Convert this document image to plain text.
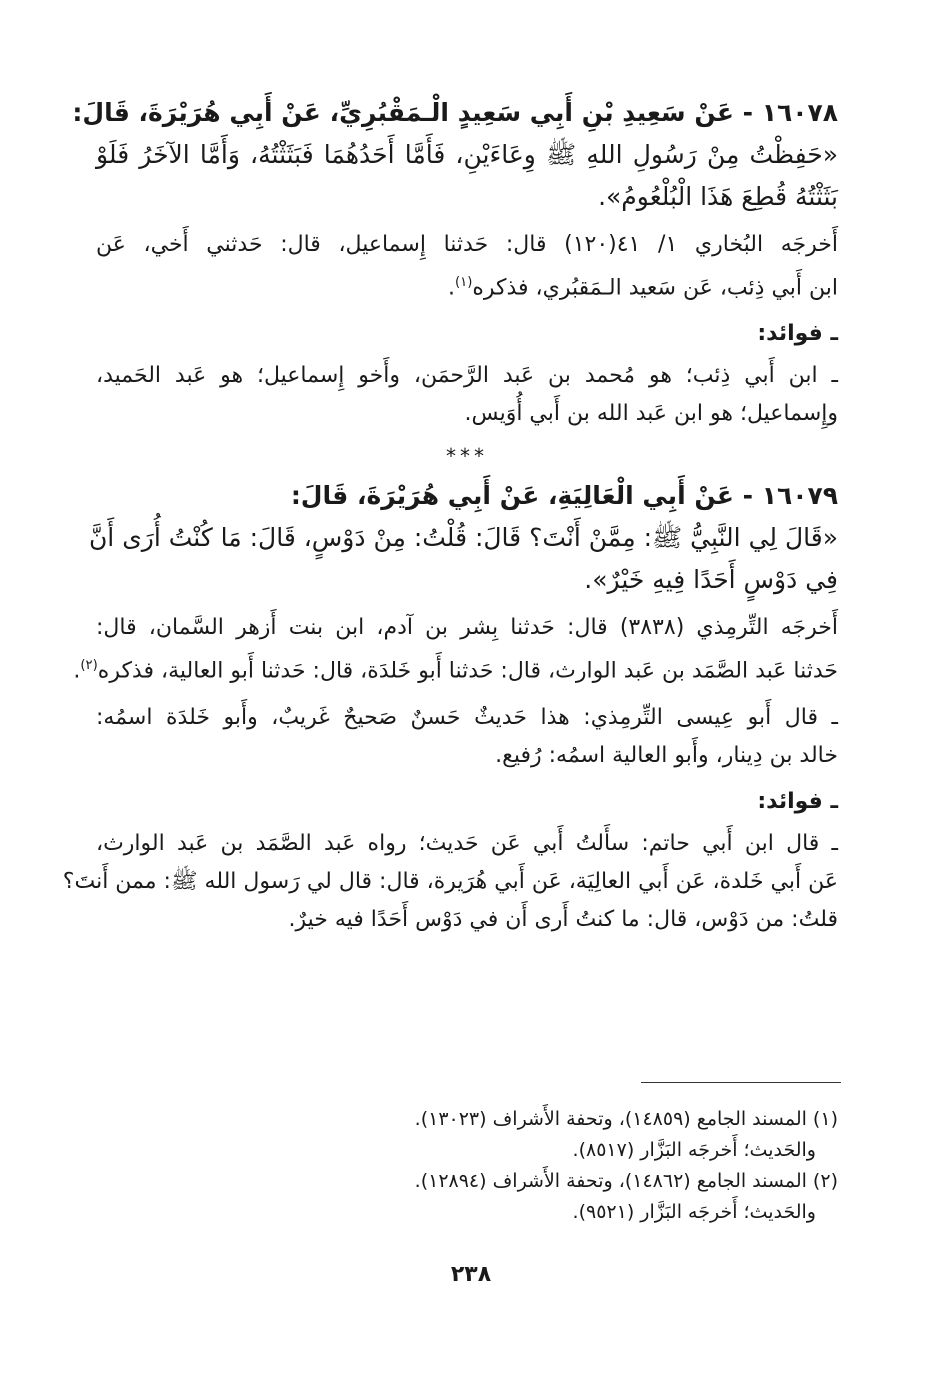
١٦٠٧٨ - عَنْ سَعِيدِ بْنِ أَبِي سَعِيدٍ الْـمَقْبُرِيِّ، عَنْ أَبِي هُرَيْرَةَ، قَالَ:
«حَفِظْتُ مِنْ رَسُولِ اللهِ ﷺ وِعَاءَيْنِ، فَأَمَّا أَحَدُهُمَا فَبَثَثْتُهُ، وَأَمَّا الآخَرُ فَلَوْ
بَثَثْتُهُ قُطِعَ هَذَا الْبُلْعُومُ».
أَخرجَه البُخاري ١/ ٤١(١٢٠) قال: حَدثنا إِسماعيل، قال: حَدثني أَخي، عَن
ابن أَبي ذِئب، عَن سَعيد الـمَقبُري، فذكره$^{(١)}$.
ـ فوائد:
ـ ابن أَبي ذِئب؛ هو مُحمد بن عَبد الرَّحمَن، وأَخو إِسماعيل؛ هو عَبد الحَميد،
وإِسماعيل؛ هو ابن عَبد الله بن أَبي أُوَيس.
***
١٦٠٧٩ - عَنْ أَبِي الْعَالِيَةِ، عَنْ أَبِي هُرَيْرَةَ، قَالَ:
«قَالَ لِي النَّبِيُّ ﷺ: مِمَّنْ أَنْتَ؟ قَالَ: قُلْتُ: مِنْ دَوْسٍ، قَالَ: مَا كُنْتُ أُرَى أَنَّ
فِي دَوْسٍ أَحَدًا فِيهِ خَيْرٌ».
أَخرجَه التِّرمِذي (٣٨٣٨) قال: حَدثنا بِشر بن آدم، ابن بنت أَزهر السَّمان، قال:
حَدثنا عَبد الصَّمَد بن عَبد الوارث، قال: حَدثنا أَبو خَلدَة، قال: حَدثنا أَبو العالية، فذكره$^{(٢)}$.
ـ قال أَبو عِيسى التِّرمِذي: هذا حَديثٌ حَسنٌ صَحيحٌ غَريبٌ، وأَبو خَلدَة اسمُه:
خالد بن دِينار، وأَبو العالية اسمُه: رُفيع.
ـ فوائد:
ـ قال ابن أَبي حاتم: سأَلتُ أَبي عَن حَديث؛ رواه عَبد الصَّمَد بن عَبد الوارث،
عَن أَبي خَلدة، عَن أَبي العالِيَة، عَن أَبي هُرَيرة، قال: قال لي رَسول الله ﷺ: ممن أَنتَ؟
قلتُ: من دَوْس، قال: ما كنتُ أَرى أَن في دَوْس أَحَدًا فيه خيرٌ.
(١) المسند الجامع (١٤٨٥٩)، وتحفة الأَشراف (١٣٠٢٣).
والحَديث؛ أَخرجَه البَزَّار (٨٥١٧).
(٢) المسند الجامع (١٤٨٦٢)، وتحفة الأَشراف (١٢٨٩٤).
والحَديث؛ أَخرجَه البَزَّار (٩٥٢١).
٢٣٨
